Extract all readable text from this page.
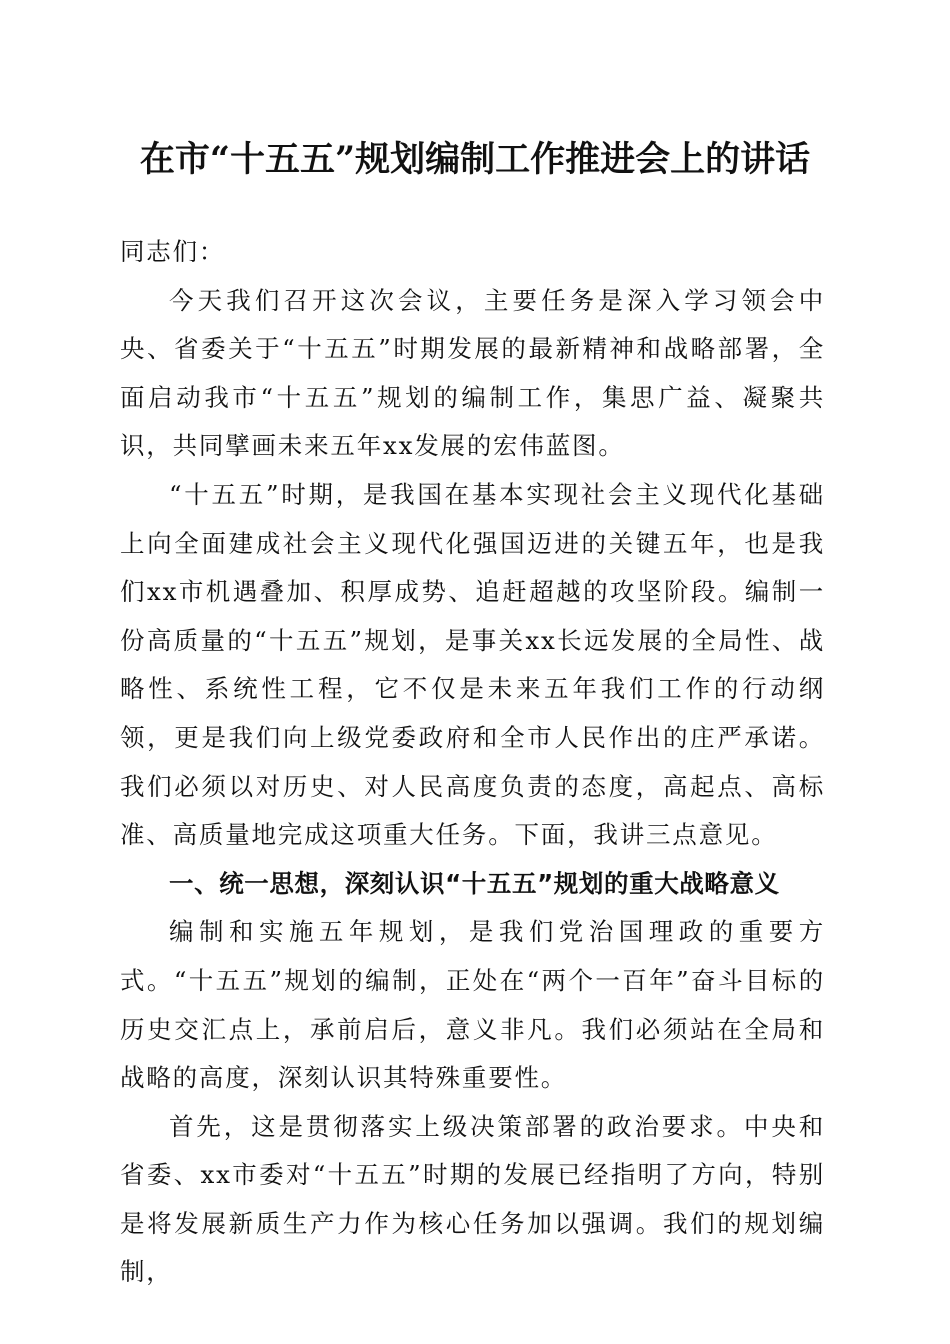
在市“十五五”规划编制工作推进会上的讲话

同志们：

今天我们召开这次会议，主要任务是深入学习领会中央、省委关于“十五五”时期发展的最新精神和战略部署，全面启动我市“十五五”规划的编制工作，集思广益、凝聚共识，共同擘画未来五年xx发展的宏伟蓝图。

“十五五”时期，是我国在基本实现社会主义现代化基础上向全面建成社会主义现代化强国迈进的关键五年，也是我们xx市机遇叠加、积厚成势、追赶超越的攻坚阶段。编制一份高质量的“十五五”规划，是事关xx长远发展的全局性、战略性、系统性工程，它不仅是未来五年我们工作的行动纲领，更是我们向上级党委政府和全市人民作出的庄严承诺。我们必须以对历史、对人民高度负责的态度，高起点、高标准、高质量地完成这项重大任务。下面，我讲三点意见。

一、统一思想，深刻认识“十五五”规划的重大战略意义

编制和实施五年规划，是我们党治国理政的重要方式。“十五五”规划的编制，正处在“两个一百年”奋斗目标的历史交汇点上，承前启后，意义非凡。我们必须站在全局和战略的高度，深刻认识其特殊重要性。

首先，这是贯彻落实上级决策部署的政治要求。中央和省委、xx市委对“十五五”时期的发展已经指明了方向，特别是将发展新质生产力作为核心任务加以强调。我们的规划编制，
